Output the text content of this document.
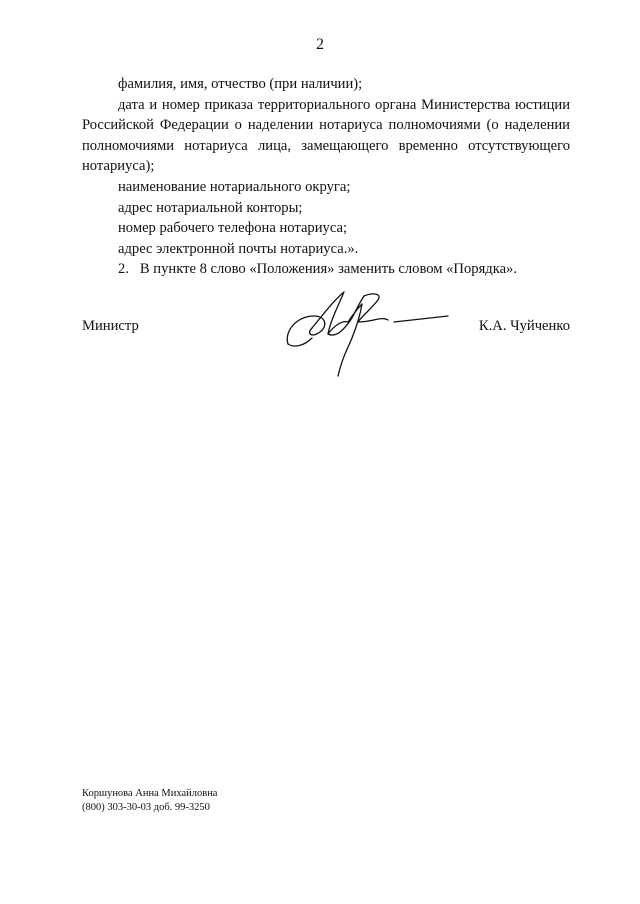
2

фамилия, имя, отчество (при наличии);

дата и номер приказа территориального органа Министерства юстиции Российской Федерации о наделении нотариуса полномочиями (о наделении полномочиями нотариуса лица, замещающего временно отсутствующего нотариуса);

наименование нотариального округа;

адрес нотариальной конторы;

номер рабочего телефона нотариуса;

адрес электронной почты нотариуса.».

2.   В пункте 8 слово «Положения» заменить словом «Порядка».

Министр	К.А. Чуйченко
Коршунова Анна Михайловна
(800) 303-30-03 доб. 99-3250
